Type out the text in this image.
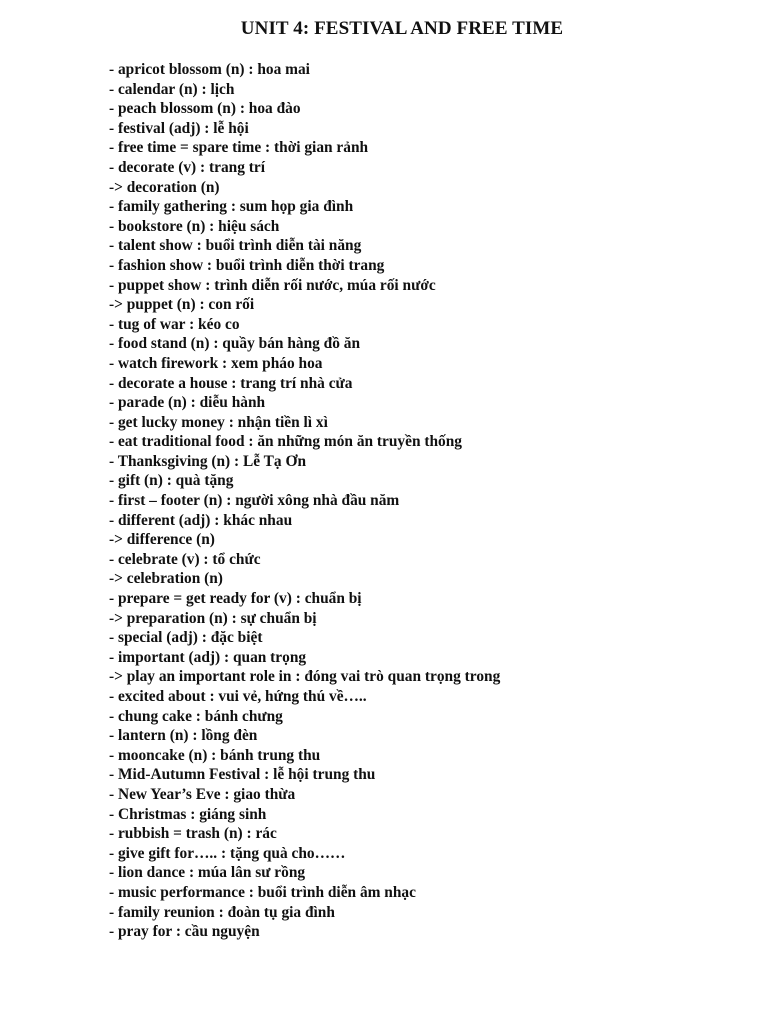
UNIT 4: FESTIVAL AND FREE TIME
- apricot blossom (n) : hoa mai
- calendar (n) : lịch
- peach blossom (n) : hoa đào
- festival (adj) : lễ hội
- free time = spare time : thời gian rảnh
- decorate (v) : trang trí
-> decoration (n)
- family gathering : sum họp gia đình
- bookstore (n) : hiệu sách
- talent show : buổi trình diễn tài năng
- fashion show : buổi trình diễn thời trang
- puppet show : trình diễn rối nước, múa rối nước
-> puppet (n) : con rối
- tug of war : kéo co
- food stand (n) : quầy bán hàng đồ ăn
- watch firework : xem pháo hoa
- decorate a house : trang trí nhà cửa
- parade (n) : diễu hành
- get lucky money : nhận tiền lì xì
- eat traditional food : ăn những món ăn truyền thống
- Thanksgiving (n) : Lễ Tạ Ơn
- gift (n) : quà tặng
- first – footer (n) : người xông nhà đầu năm
- different (adj) : khác nhau
-> difference (n)
- celebrate (v) : tổ chức
-> celebration (n)
- prepare = get ready for (v) : chuẩn bị
-> preparation (n) : sự chuẩn bị
- special (adj) : đặc biệt
- important (adj) : quan trọng
-> play an important role in : đóng vai trò quan trọng trong
- excited about : vui vẻ, hứng thú về…..
- chung cake : bánh chưng
- lantern (n) : lồng đèn
- mooncake (n) : bánh trung thu
- Mid-Autumn Festival : lễ hội trung thu
- New Year’s Eve : giao thừa
- Christmas : giáng sinh
- rubbish = trash (n) : rác
- give gift for….. : tặng quà cho……
- lion dance : múa lân sư rồng
- music performance : buổi trình diễn âm nhạc
- family reunion : đoàn tụ gia đình
- pray for : cầu nguyện
